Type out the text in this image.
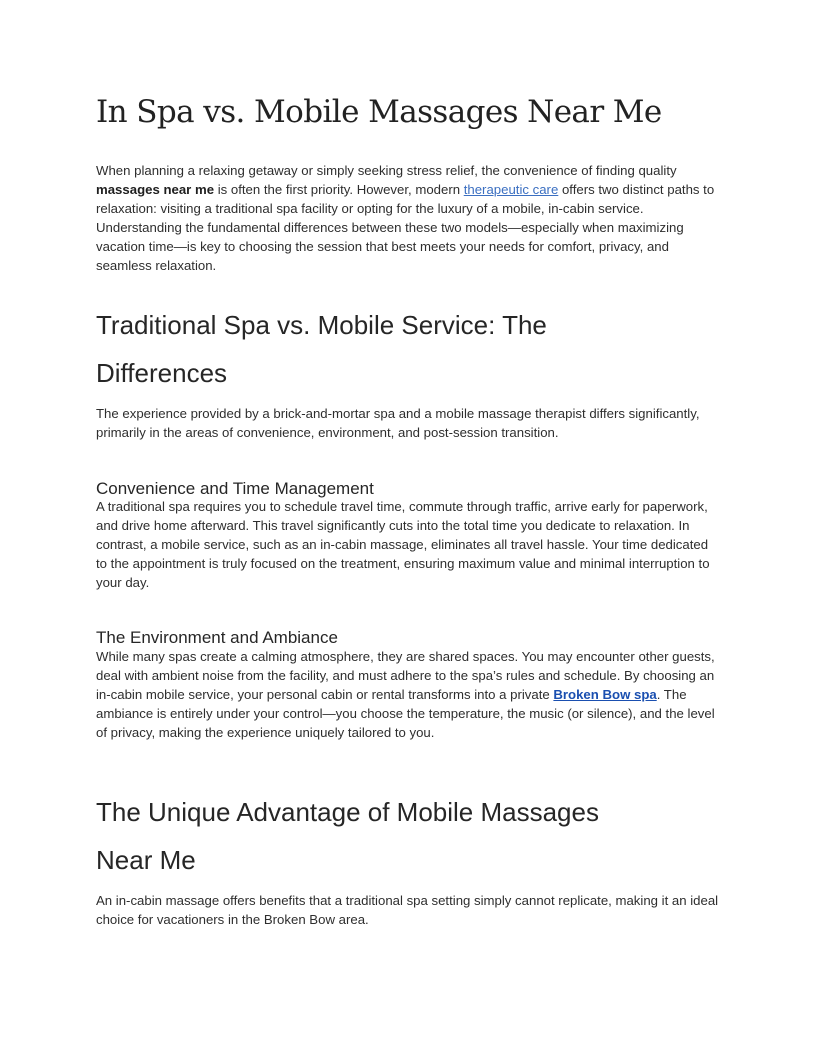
In Spa vs. Mobile Massages Near Me

When planning a relaxing getaway or simply seeking stress relief, the convenience of finding quality massages near me is often the first priority. However, modern therapeutic care offers two distinct paths to relaxation: visiting a traditional spa facility or opting for the luxury of a mobile, in-cabin service. Understanding the fundamental differences between these two models—especially when maximizing vacation time—is key to choosing the session that best meets your needs for comfort, privacy, and seamless relaxation.

Traditional Spa vs. Mobile Service: The
Differences

The experience provided by a brick-and-mortar spa and a mobile massage therapist differs significantly, primarily in the areas of convenience, environment, and post-session transition.

Convenience and Time Management

A traditional spa requires you to schedule travel time, commute through traffic, arrive early for paperwork, and drive home afterward. This travel significantly cuts into the total time you dedicate to relaxation. In contrast, a mobile service, such as an in-cabin massage, eliminates all travel hassle. Your time dedicated to the appointment is truly focused on the treatment, ensuring maximum value and minimal interruption to your day.

The Environment and Ambiance

While many spas create a calming atmosphere, they are shared spaces. You may encounter other guests, deal with ambient noise from the facility, and must adhere to the spa’s rules and schedule. By choosing an in-cabin mobile service, your personal cabin or rental transforms into a private Broken Bow spa. The ambiance is entirely under your control—you choose the temperature, the music (or silence), and the level of privacy, making the experience uniquely tailored to you.

The Unique Advantage of Mobile Massages
Near Me

An in-cabin massage offers benefits that a traditional spa setting simply cannot replicate, making it an ideal choice for vacationers in the Broken Bow area.
